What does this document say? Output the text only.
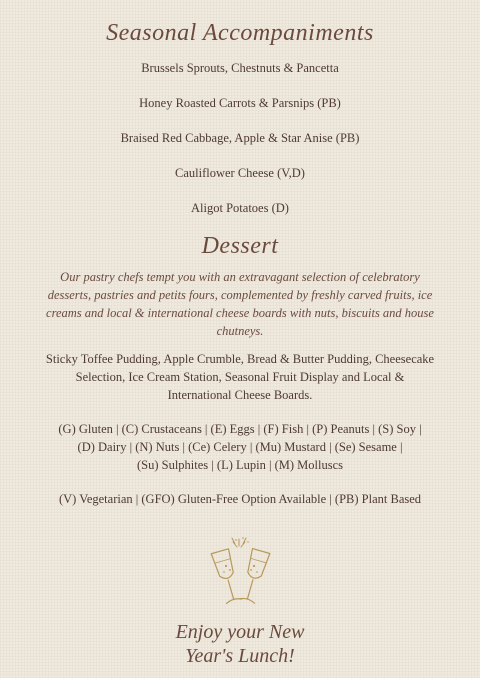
Seasonal Accompaniments
Brussels Sprouts, Chestnuts & Pancetta
Honey Roasted Carrots & Parsnips (PB)
Braised Red Cabbage, Apple & Star Anise (PB)
Cauliflower Cheese (V,D)
Aligot Potatoes (D)
Dessert
Our pastry chefs tempt you with an extravagant selection of celebratory
desserts, pastries and petits fours, complemented by freshly carved fruits, ice
creams and local & international cheese boards with nuts, biscuits and house
chutneys.
Sticky Toffee Pudding, Apple Crumble, Bread & Butter Pudding, Cheesecake
Selection, Ice Cream Station, Seasonal Fruit Display and Local &
International Cheese Boards.
(G) Gluten | (C) Crustaceans | (E) Eggs | (F) Fish | (P) Peanuts | (S) Soy |
(D) Dairy | (N) Nuts | (Ce) Celery | (Mu) Mustard | (Se) Sesame |
(Su) Sulphites | (L) Lupin | (M) Molluscs
(V) Vegetarian | (GFO) Gluten-Free Option Available | (PB) Plant Based
Enjoy your New
Year's Lunch!
